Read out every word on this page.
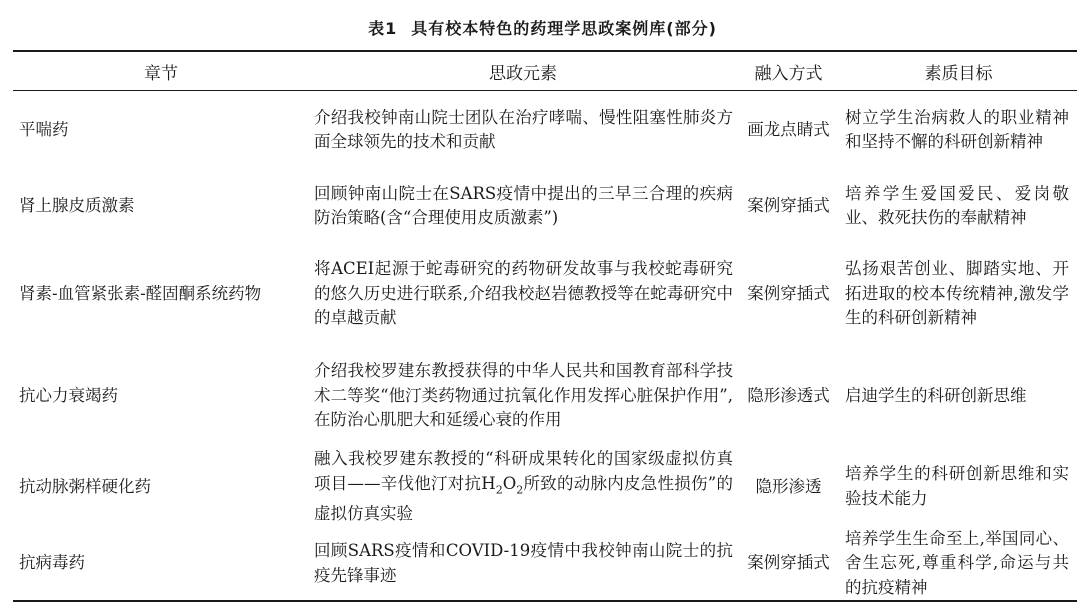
表1 具有校本特色的药理学思政案例库(部分)
章节	思政元素	融入方式	素质目标
平喘药	介绍我校钟南山院士团队在治疗哮喘、慢性阻塞性肺炎方面全球领先的技术和贡献	画龙点睛式	树立学生治病救人的职业精神和坚持不懈的科研创新精神
肾上腺皮质激素	回顾钟南山院士在SARS疫情中提出的三早三合理的疾病防治策略(含“合理使用皮质激素”)	案例穿插式	培养学生爱国爱民、爱岗敬业、救死扶伤的奉献精神
肾素-血管紧张素-醛固酮系统药物	将ACEI起源于蛇毒研究的药物研发故事与我校蛇毒研究的悠久历史进行联系,介绍我校赵岩德教授等在蛇毒研究中的卓越贡献	案例穿插式	弘扬艰苦创业、脚踏实地、开拓进取的校本传统精神,激发学生的科研创新精神
抗心力衰竭药	介绍我校罗建东教授获得的中华人民共和国教育部科学技术二等奖“他汀类药物通过抗氧化作用发挥心脏保护作用”,在防治心肌肥大和延缓心衰的作用	隐形渗透式	启迪学生的科研创新思维
抗动脉粥样硬化药	融入我校罗建东教授的“科研成果转化的国家级虚拟仿真项目——辛伐他汀对抗$H_2O_2$所致的动脉内皮急性损伤”的虚拟仿真实验	隐形渗透	培养学生的科研创新思维和实验技术能力
抗病毒药	回顾SARS疫情和COVID-19疫情中我校钟南山院士的抗疫先锋事迹	案例穿插式	培养学生生命至上,举国同心、舍生忘死,尊重科学,命运与共的抗疫精神
